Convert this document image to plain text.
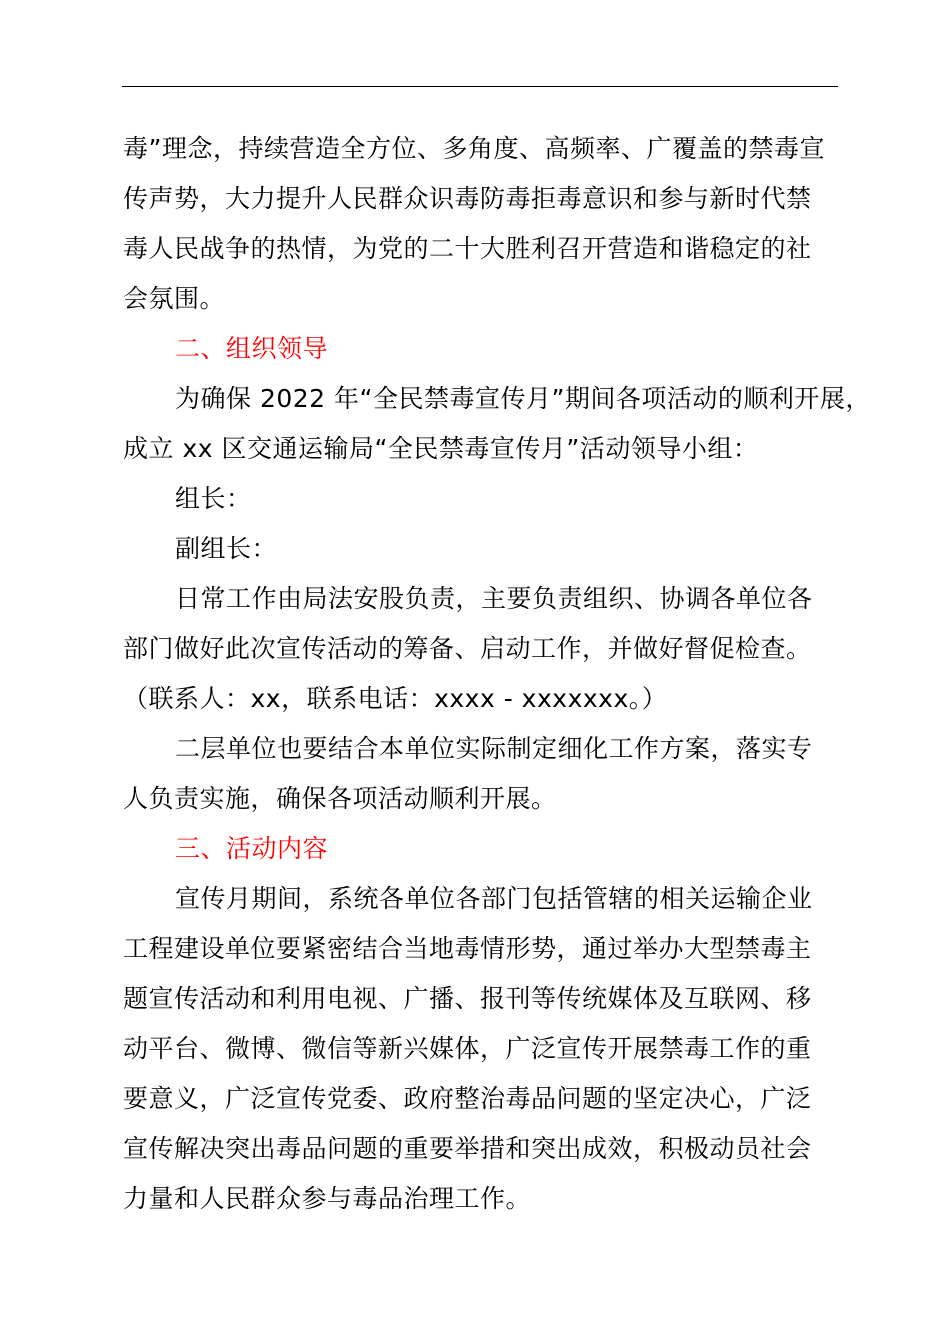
毒”理念，持续营造全方位、多角度、高频率、广覆盖的禁毒宣
传声势，大力提升人民群众识毒防毒拒毒意识和参与新时代禁
毒人民战争的热情，为党的二十大胜利召开营造和谐稳定的社
会氛围。
二、组织领导
为确保 2022 年“全民禁毒宣传月”期间各项活动的顺利开展，
成立 xx 区交通运输局“全民禁毒宣传月”活动领导小组：
组长：
副组长：
日常工作由局法安股负责，主要负责组织、协调各单位各
部门做好此次宣传活动的筹备、启动工作，并做好督促检查。
（联系人：xx，联系电话：xxxx - xxxxxxx。）
二层单位也要结合本单位实际制定细化工作方案，落实专
人负责实施，确保各项活动顺利开展。
三、活动内容
宣传月期间，系统各单位各部门包括管辖的相关运输企业
工程建设单位要紧密结合当地毒情形势，通过举办大型禁毒主
题宣传活动和利用电视、广播、报刊等传统媒体及互联网、移
动平台、微博、微信等新兴媒体，广泛宣传开展禁毒工作的重
要意义，广泛宣传党委、政府整治毒品问题的坚定决心，广泛
宣传解决突出毒品问题的重要举措和突出成效，积极动员社会
力量和人民群众参与毒品治理工作。
